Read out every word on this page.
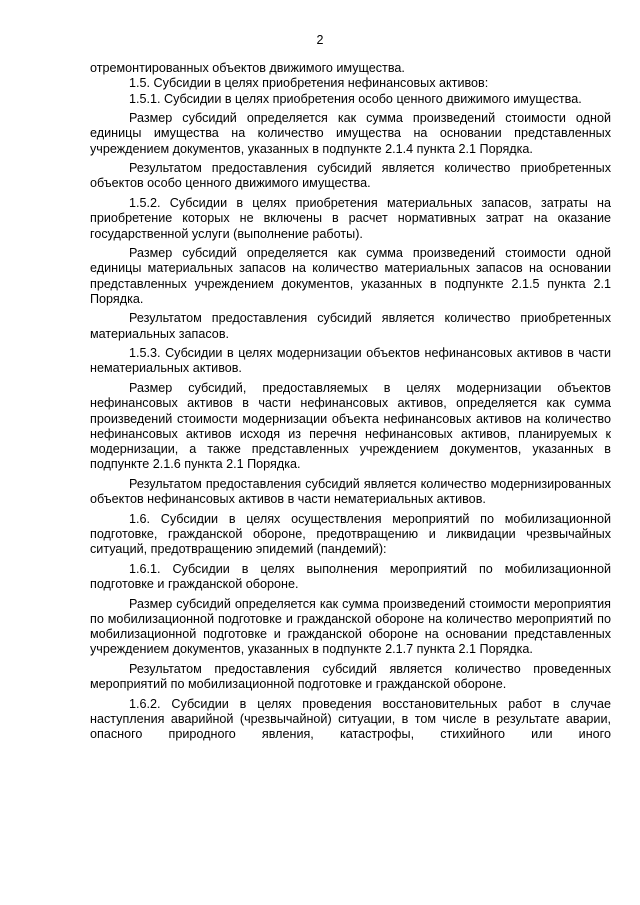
2

отремонтированных объектов движимого имущества.

1.5. Субсидии в целях приобретения нефинансовых активов:

1.5.1. Субсидии в целях приобретения особо ценного движимого имущества.

Размер субсидий определяется как сумма произведений стоимости одной единицы имущества на количество имущества на основании представленных учреждением документов, указанных в подпункте 2.1.4 пункта 2.1 Порядка.

Результатом предоставления субсидий является количество приобретенных объектов особо ценного движимого имущества.

1.5.2. Субсидии в целях приобретения материальных запасов, затраты на приобретение которых не включены в расчет нормативных затрат на оказание государственной услуги (выполнение работы).

Размер субсидий определяется как сумма произведений стоимости одной единицы материальных запасов на количество материальных запасов на основании представленных учреждением документов, указанных в подпункте 2.1.5 пункта 2.1 Порядка.

Результатом предоставления субсидий является количество приобретенных материальных запасов.

1.5.3. Субсидии в целях модернизации объектов нефинансовых активов в части нематериальных активов.

Размер субсидий, предоставляемых в целях модернизации объектов нефинансовых активов в части нефинансовых активов, определяется как сумма произведений стоимости модернизации объекта нефинансовых активов на количество нефинансовых активов исходя из перечня нефинансовых активов, планируемых к модернизации, а также представленных учреждением документов, указанных в подпункте 2.1.6 пункта 2.1 Порядка.

Результатом предоставления субсидий является количество модернизированных объектов нефинансовых активов в части нематериальных активов.

1.6. Субсидии в целях осуществления мероприятий по мобилизационной подготовке, гражданской обороне, предотвращению и ликвидации чрезвычайных ситуаций, предотвращению эпидемий (пандемий):

1.6.1. Субсидии в целях выполнения мероприятий по мобилизационной подготовке и гражданской обороне.

Размер субсидий определяется как сумма произведений стоимости мероприятия по мобилизационной подготовке и гражданской обороне на количество мероприятий по мобилизационной подготовке и гражданской обороне на основании представленных учреждением документов, указанных в подпункте 2.1.7 пункта 2.1 Порядка.

Результатом предоставления субсидий является количество проведенных мероприятий по мобилизационной подготовке и гражданской обороне.

1.6.2. Субсидии в целях проведения восстановительных работ в случае наступления аварийной (чрезвычайной) ситуации, в том числе в результате аварии, опасного природного явления, катастрофы, стихийного или иного
